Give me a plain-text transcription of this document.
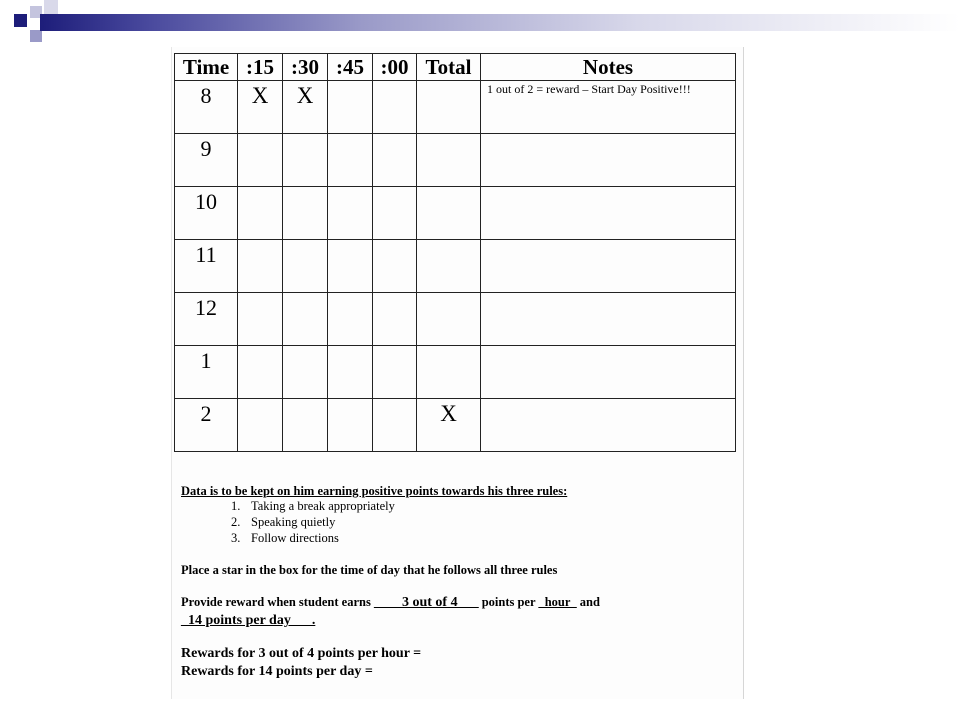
Time	:15	:30	:45	:00	Total	Notes
8	X	X				1 out of 2 = reward – Start Day Positive!!!
9						
10						
11						
12						
1						
2					X	
Data is to be kept on him earning positive points towards his three rules:
1. Taking a break appropriately
2. Speaking quietly
3. Follow directions
Place a star in the box for the time of day that he follows all three rules
Provide reward when student earns ____3 out of 4___ points per _hour_ and
_14 points per day___.
Rewards for 3 out of 4 points per hour =
Rewards for 14 points per day =
